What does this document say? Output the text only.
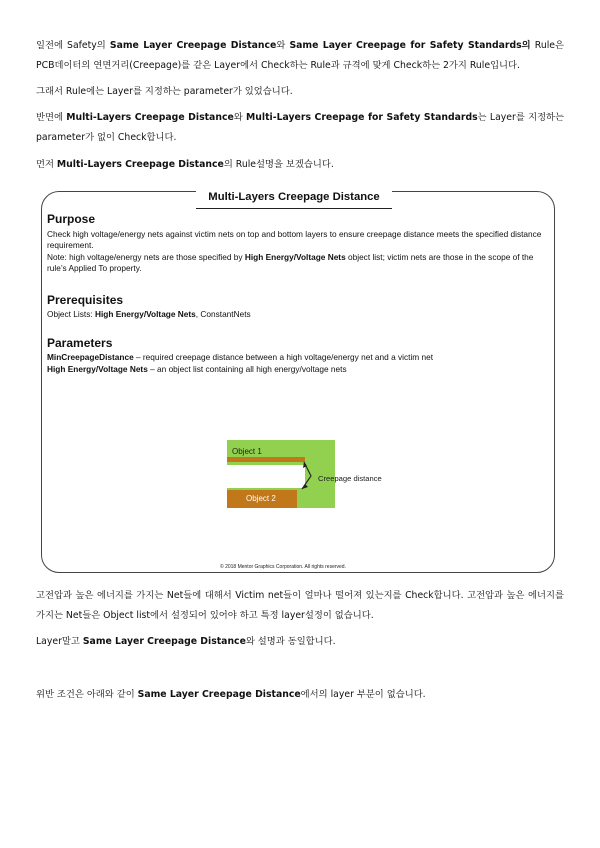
일전에 Safety의 Same Layer Creepage Distance와 Same Layer Creepage for Safety Standards의 Rule은 PCB데이터의 연면거리(Creepage)를 같은 Layer에서 Check하는 Rule과 규격에 맞게 Check하는 2가지 Rule입니다.
그래서 Rule에는 Layer를 지정하는 parameter가 있었습니다.
반면에 Multi-Layers Creepage Distance와 Multi-Layers Creepage for Safety Standards는 Layer를 지정하는 parameter가 없이 Check합니다.
먼저 Multi-Layers Creepage Distance의 Rule설명을 보겠습니다.
Multi-Layers Creepage Distance
Purpose
Check high voltage/energy nets against victim nets on top and bottom layers to ensure creepage distance meets the specified distance requirement.
Note: high voltage/energy nets are those specified by High Energy/Voltage Nets object list; victim nets are those in the scope of the rule’s Applied To property.
Prerequisites
Object Lists: High Energy/Voltage Nets, ConstantNets
Parameters
MinCreepageDistance – required creepage distance between a high voltage/energy net and a victim net
High Energy/Voltage Nets – an object list containing all high energy/voltage nets
Object 1
Object 2
Creepage distance
© 2018 Mentor Graphics Corporation. All rights reserved.
고전압과 높은 에너지를 가지는 Net들에 대해서 Victim net들이 얼마나 떨어져 있는지를 Check합니다. 고전압과 높은 에너지를 가지는 Net들은 Object list에서 설정되어 있어야 하고 특정 layer설정이 없습니다.
Layer말고 Same Layer Creepage Distance와 설명과 동일합니다.
위반 조건은 아래와 같이 Same Layer Creepage Distance에서의 layer 부분이 없습니다.
